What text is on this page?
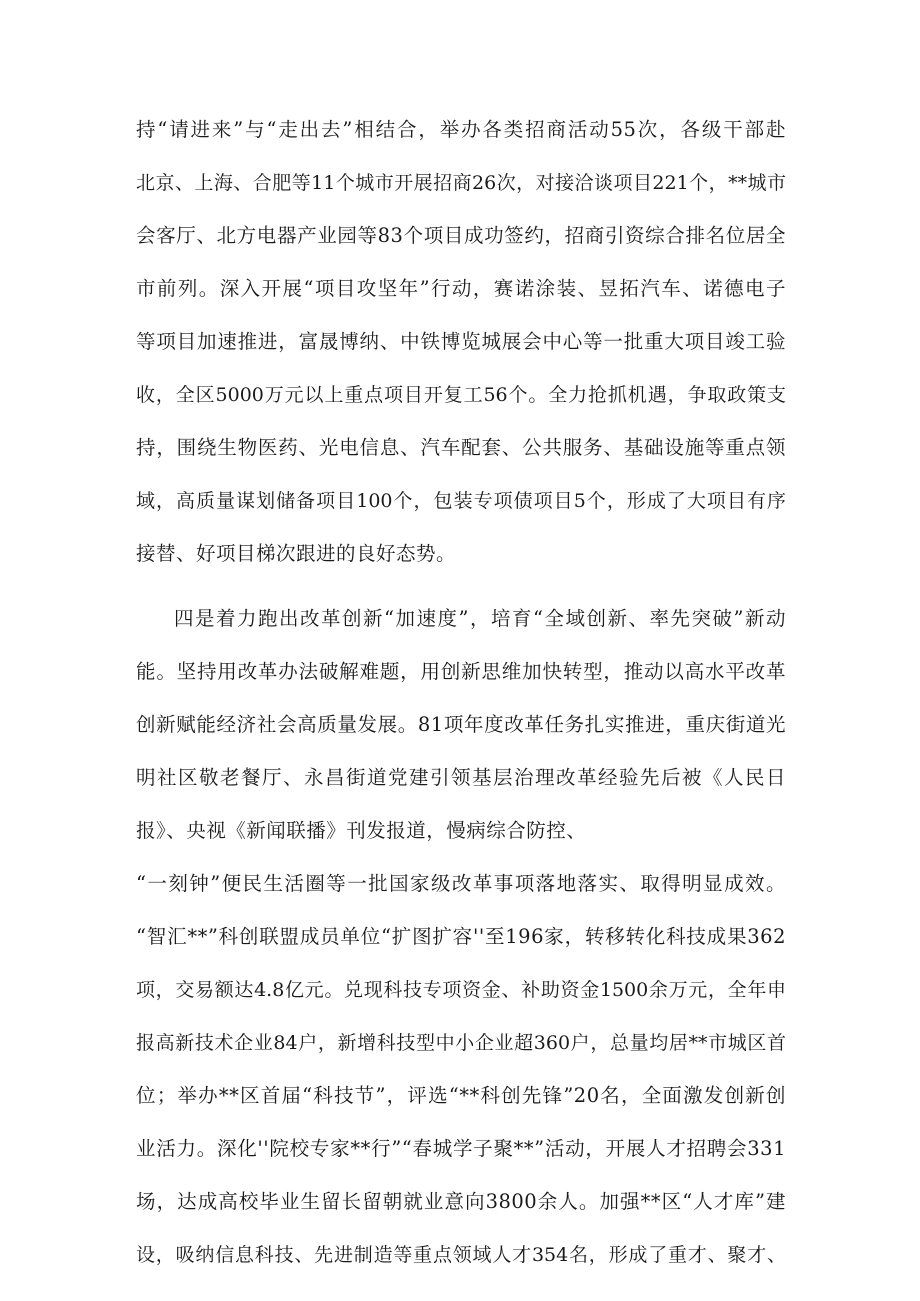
持“请进来”与“走出去”相结合，举办各类招商活动55次，各级干部赴
北京、上海、合肥等11个城市开展招商26次，对接洽谈项目221个，**城市
会客厅、北方电器产业园等83个项目成功签约，招商引资综合排名位居全
市前列。深入开展“项目攻坚年”行动，赛诺涂装、昱拓汽车、诺德电子
等项目加速推进，富晟博纳、中铁博览城展会中心等一批重大项目竣工验
收，全区5000万元以上重点项目开复工56个。全力抢抓机遇，争取政策支
持，围绕生物医药、光电信息、汽车配套、公共服务、基础设施等重点领
域，高质量谋划储备项目100个，包装专项债项目5个，形成了大项目有序
接替、好项目梯次跟进的良好态势。
四是着力跑出改革创新“加速度”，培育“全域创新、率先突破”新动
能。坚持用改革办法破解难题，用创新思维加快转型，推动以高水平改革
创新赋能经济社会高质量发展。81项年度改革任务扎实推进，重庆街道光
明社区敬老餐厅、永昌街道党建引领基层治理改革经验先后被《人民日
报》、央视《新闻联播》刊发报道，慢病综合防控、
“一刻钟”便民生活圈等一批国家级改革事项落地落实、取得明显成效。
“智汇**”科创联盟成员单位“扩图扩容''至196家，转移转化科技成果362
项，交易额达4.8亿元。兑现科技专项资金、补助资金1500余万元，全年申
报高新技术企业84户，新增科技型中小企业超360户，总量均居**市城区首
位；举办**区首届“科技节”，评选“**科创先锋”20名，全面激发创新创
业活力。深化''院校专家**行”“春城学子聚**”活动，开展人才招聘会331
场，达成高校毕业生留长留朝就业意向3800余人。加强**区“人才库”建
设，吸纳信息科技、先进制造等重点领域人才354名，形成了重才、聚才、
